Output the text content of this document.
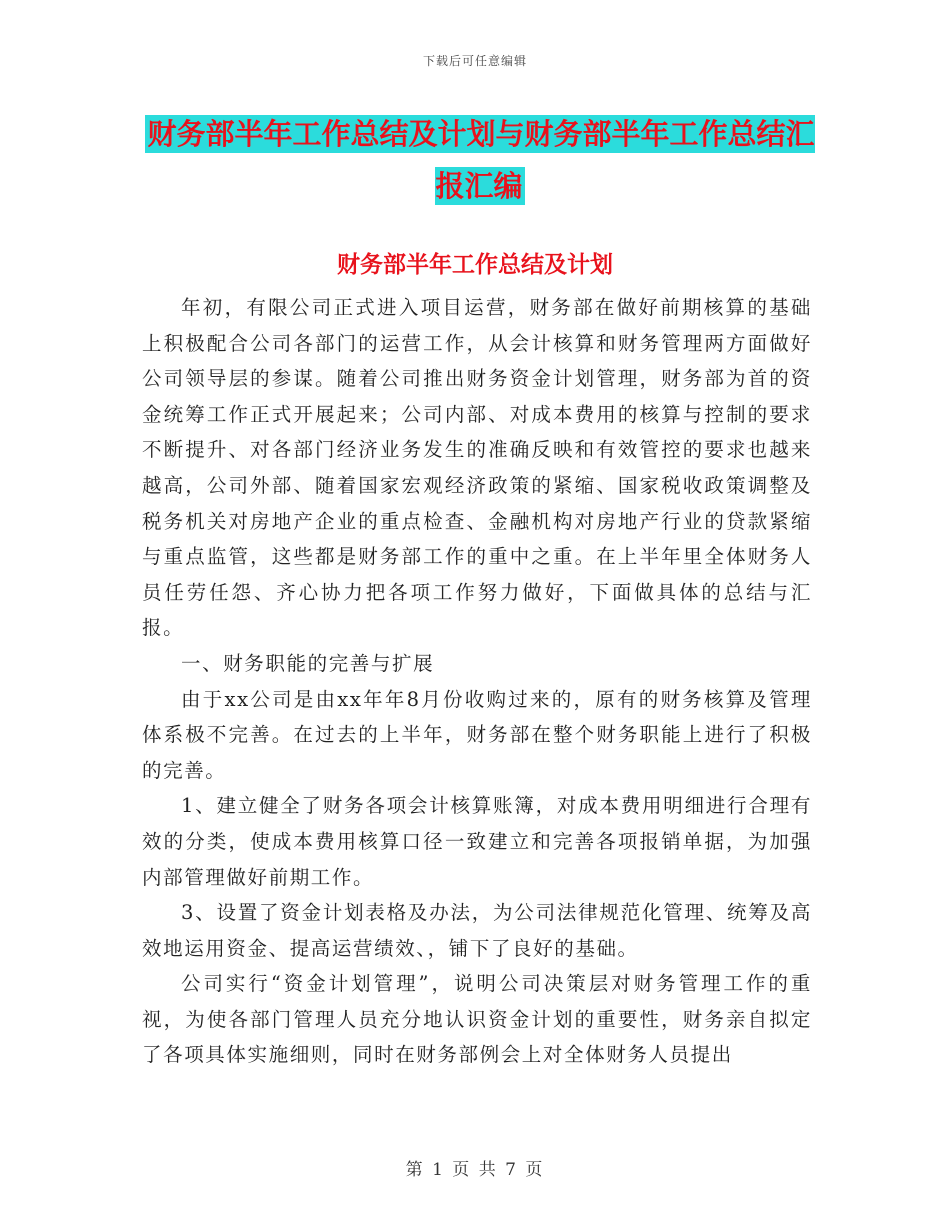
下载后可任意编辑
财务部半年工作总结及计划与财务部半年工作总结汇报汇编
财务部半年工作总结及计划

年初，有限公司正式进入项目运营，财务部在做好前期核算的基础上积极配合公司各部门的运营工作，从会计核算和财务管理两方面做好公司领导层的参谋。随着公司推出财务资金计划管理，财务部为首的资金统筹工作正式开展起来；公司内部、对成本费用的核算与控制的要求不断提升、对各部门经济业务发生的准确反映和有效管控的要求也越来越高，公司外部、随着国家宏观经济政策的紧缩、国家税收政策调整及税务机关对房地产企业的重点检查、金融机构对房地产行业的贷款紧缩与重点监管，这些都是财务部工作的重中之重。在上半年里全体财务人员任劳任怨、齐心协力把各项工作努力做好，下面做具体的总结与汇报。

一、财务职能的完善与扩展

由于xx公司是由xx年年8月份收购过来的，原有的财务核算及管理体系极不完善。在过去的上半年，财务部在整个财务职能上进行了积极的完善。

1、建立健全了财务各项会计核算账簿，对成本费用明细进行合理有效的分类，使成本费用核算口径一致建立和完善各项报销单据，为加强内部管理做好前期工作。

3、设置了资金计划表格及办法，为公司法律规范化管理、统筹及高效地运用资金、提高运营绩效、，铺下了良好的基础。

公司实行“资金计划管理”，说明公司决策层对财务管理工作的重视，为使各部门管理人员充分地认识资金计划的重要性，财务亲自拟定了各项具体实施细则，同时在财务部例会上对全体财务人员提出

第 1 页 共 7 页
